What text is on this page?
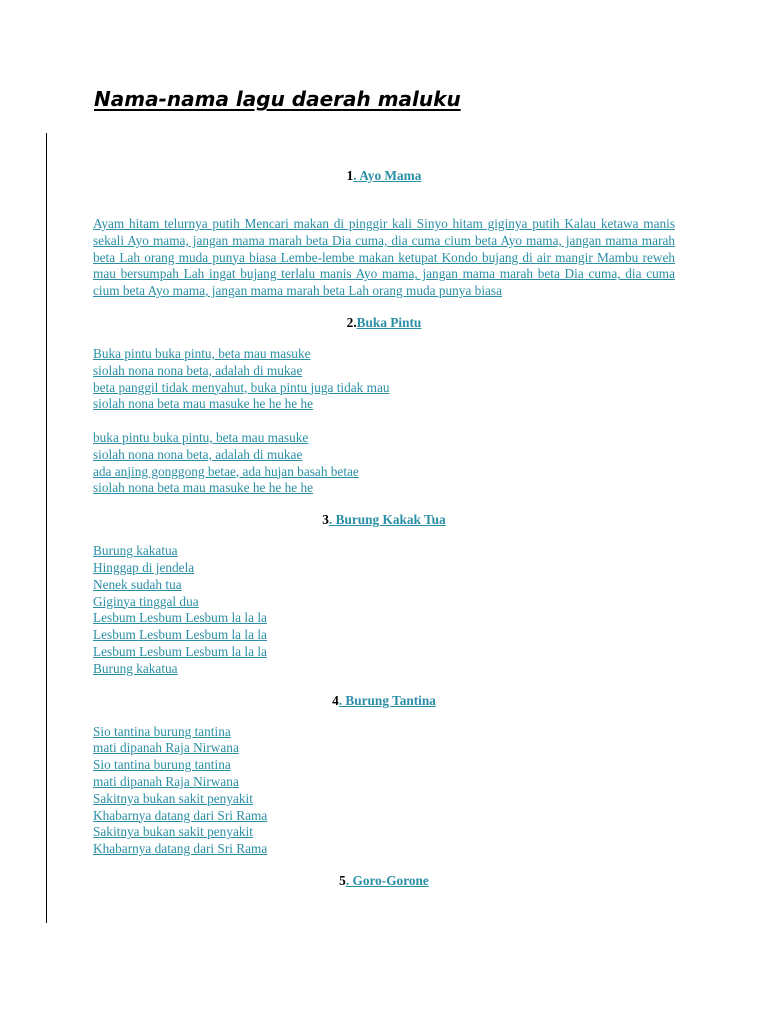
Nama-nama lagu daerah maluku

1. Ayo Mama

Ayam hitam telurnya putih Mencari makan di pinggir kali Sinyo hitam giginya putih Kalau ketawa manis sekali Ayo mama, jangan mama marah beta Dia cuma, dia cuma cium beta Ayo mama, jangan mama marah beta Lah orang muda punya biasa Lembe-lembe makan ketupat Kondo bujang di air mangir Mambu reweh mau bersumpah Lah ingat bujang terlalu manis Ayo mama, jangan mama marah beta Dia cuma, dia cuma cium beta Ayo mama, jangan mama marah beta Lah orang muda punya biasa

2.Buka Pintu

Buka pintu buka pintu, beta mau masuke
siolah nona nona beta, adalah di mukae
beta panggil tidak menyahut, buka pintu juga tidak mau
siolah nona beta mau masuke he he he he
buka pintu buka pintu, beta mau masuke
siolah nona nona beta, adalah di mukae
ada anjing gonggong betae, ada hujan basah betae
siolah nona beta mau masuke he he he he

3. Burung Kakak Tua

Burung kakatua
Hinggap di jendela
Nenek sudah tua
Giginya tinggal dua
Lesbum Lesbum Lesbum la la la
Lesbum Lesbum Lesbum la la la
Lesbum Lesbum Lesbum la la la
Burung kakatua

4. Burung Tantina

Sio tantina burung tantina
mati dipanah Raja Nirwana
Sio tantina burung tantina
mati dipanah Raja Nirwana
Sakitnya bukan sakit penyakit
Khabarnya datang dari Sri Rama
Sakitnya bukan sakit penyakit
Khabarnya datang dari Sri Rama

5. Goro-Gorone
